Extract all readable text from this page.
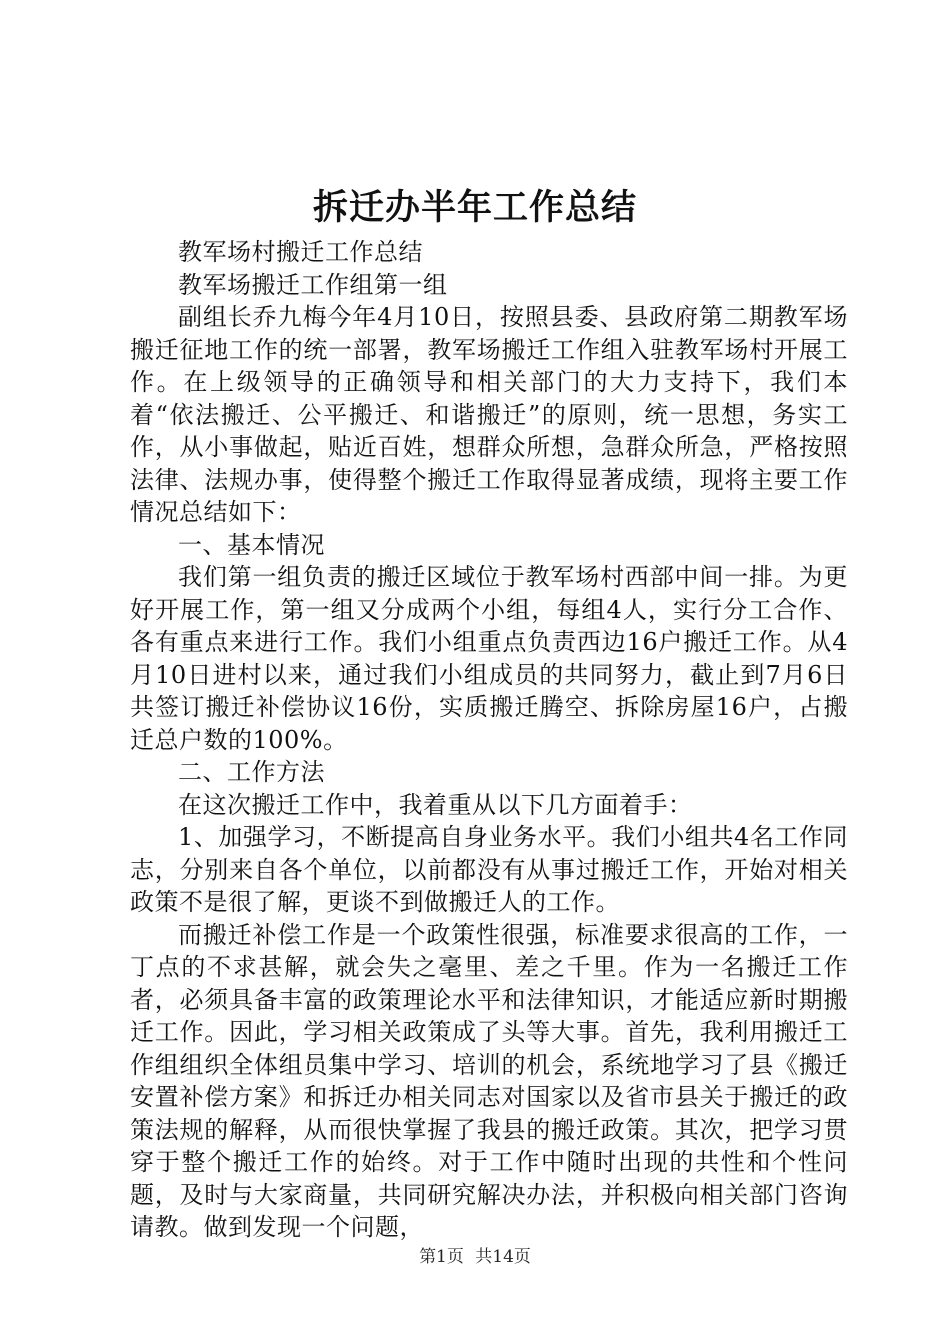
拆迁办半年工作总结

教军场村搬迁工作总结

教军场搬迁工作组第一组

副组长乔九梅今年4月10日，按照县委、县政府第二期教军场搬迁征地工作的统一部署，教军场搬迁工作组入驻教军场村开展工作。在上级领导的正确领导和相关部门的大力支持下，我们本着“依法搬迁、公平搬迁、和谐搬迁”的原则，统一思想，务实工作，从小事做起，贴近百姓，想群众所想，急群众所急，严格按照法律、法规办事，使得整个搬迁工作取得显著成绩，现将主要工作情况总结如下：

一、基本情况

我们第一组负责的搬迁区域位于教军场村西部中间一排。为更好开展工作，第一组又分成两个小组，每组4人，实行分工合作、各有重点来进行工作。我们小组重点负责西边16户搬迁工作。从4月10日进村以来，通过我们小组成员的共同努力，截止到7月6日共签订搬迁补偿协议16份，实质搬迁腾空、拆除房屋16户，占搬迁总户数的100%。

二、工作方法

在这次搬迁工作中，我着重从以下几方面着手：

1、加强学习，不断提高自身业务水平。我们小组共4名工作同志，分别来自各个单位，以前都没有从事过搬迁工作，开始对相关政策不是很了解，更谈不到做搬迁人的工作。

而搬迁补偿工作是一个政策性很强，标准要求很高的工作，一丁点的不求甚解，就会失之毫里、差之千里。作为一名搬迁工作者，必须具备丰富的政策理论水平和法律知识，才能适应新时期搬迁工作。因此，学习相关政策成了头等大事。首先，我利用搬迁工作组组织全体组员集中学习、培训的机会，系统地学习了县《搬迁安置补偿方案》和拆迁办相关同志对国家以及省市县关于搬迁的政策法规的解释，从而很快掌握了我县的搬迁政策。其次，把学习贯穿于整个搬迁工作的始终。对于工作中随时出现的共性和个性问题，及时与大家商量，共同研究解决办法，并积极向相关部门咨询请教。做到发现一个问题，

第1页 共14页
